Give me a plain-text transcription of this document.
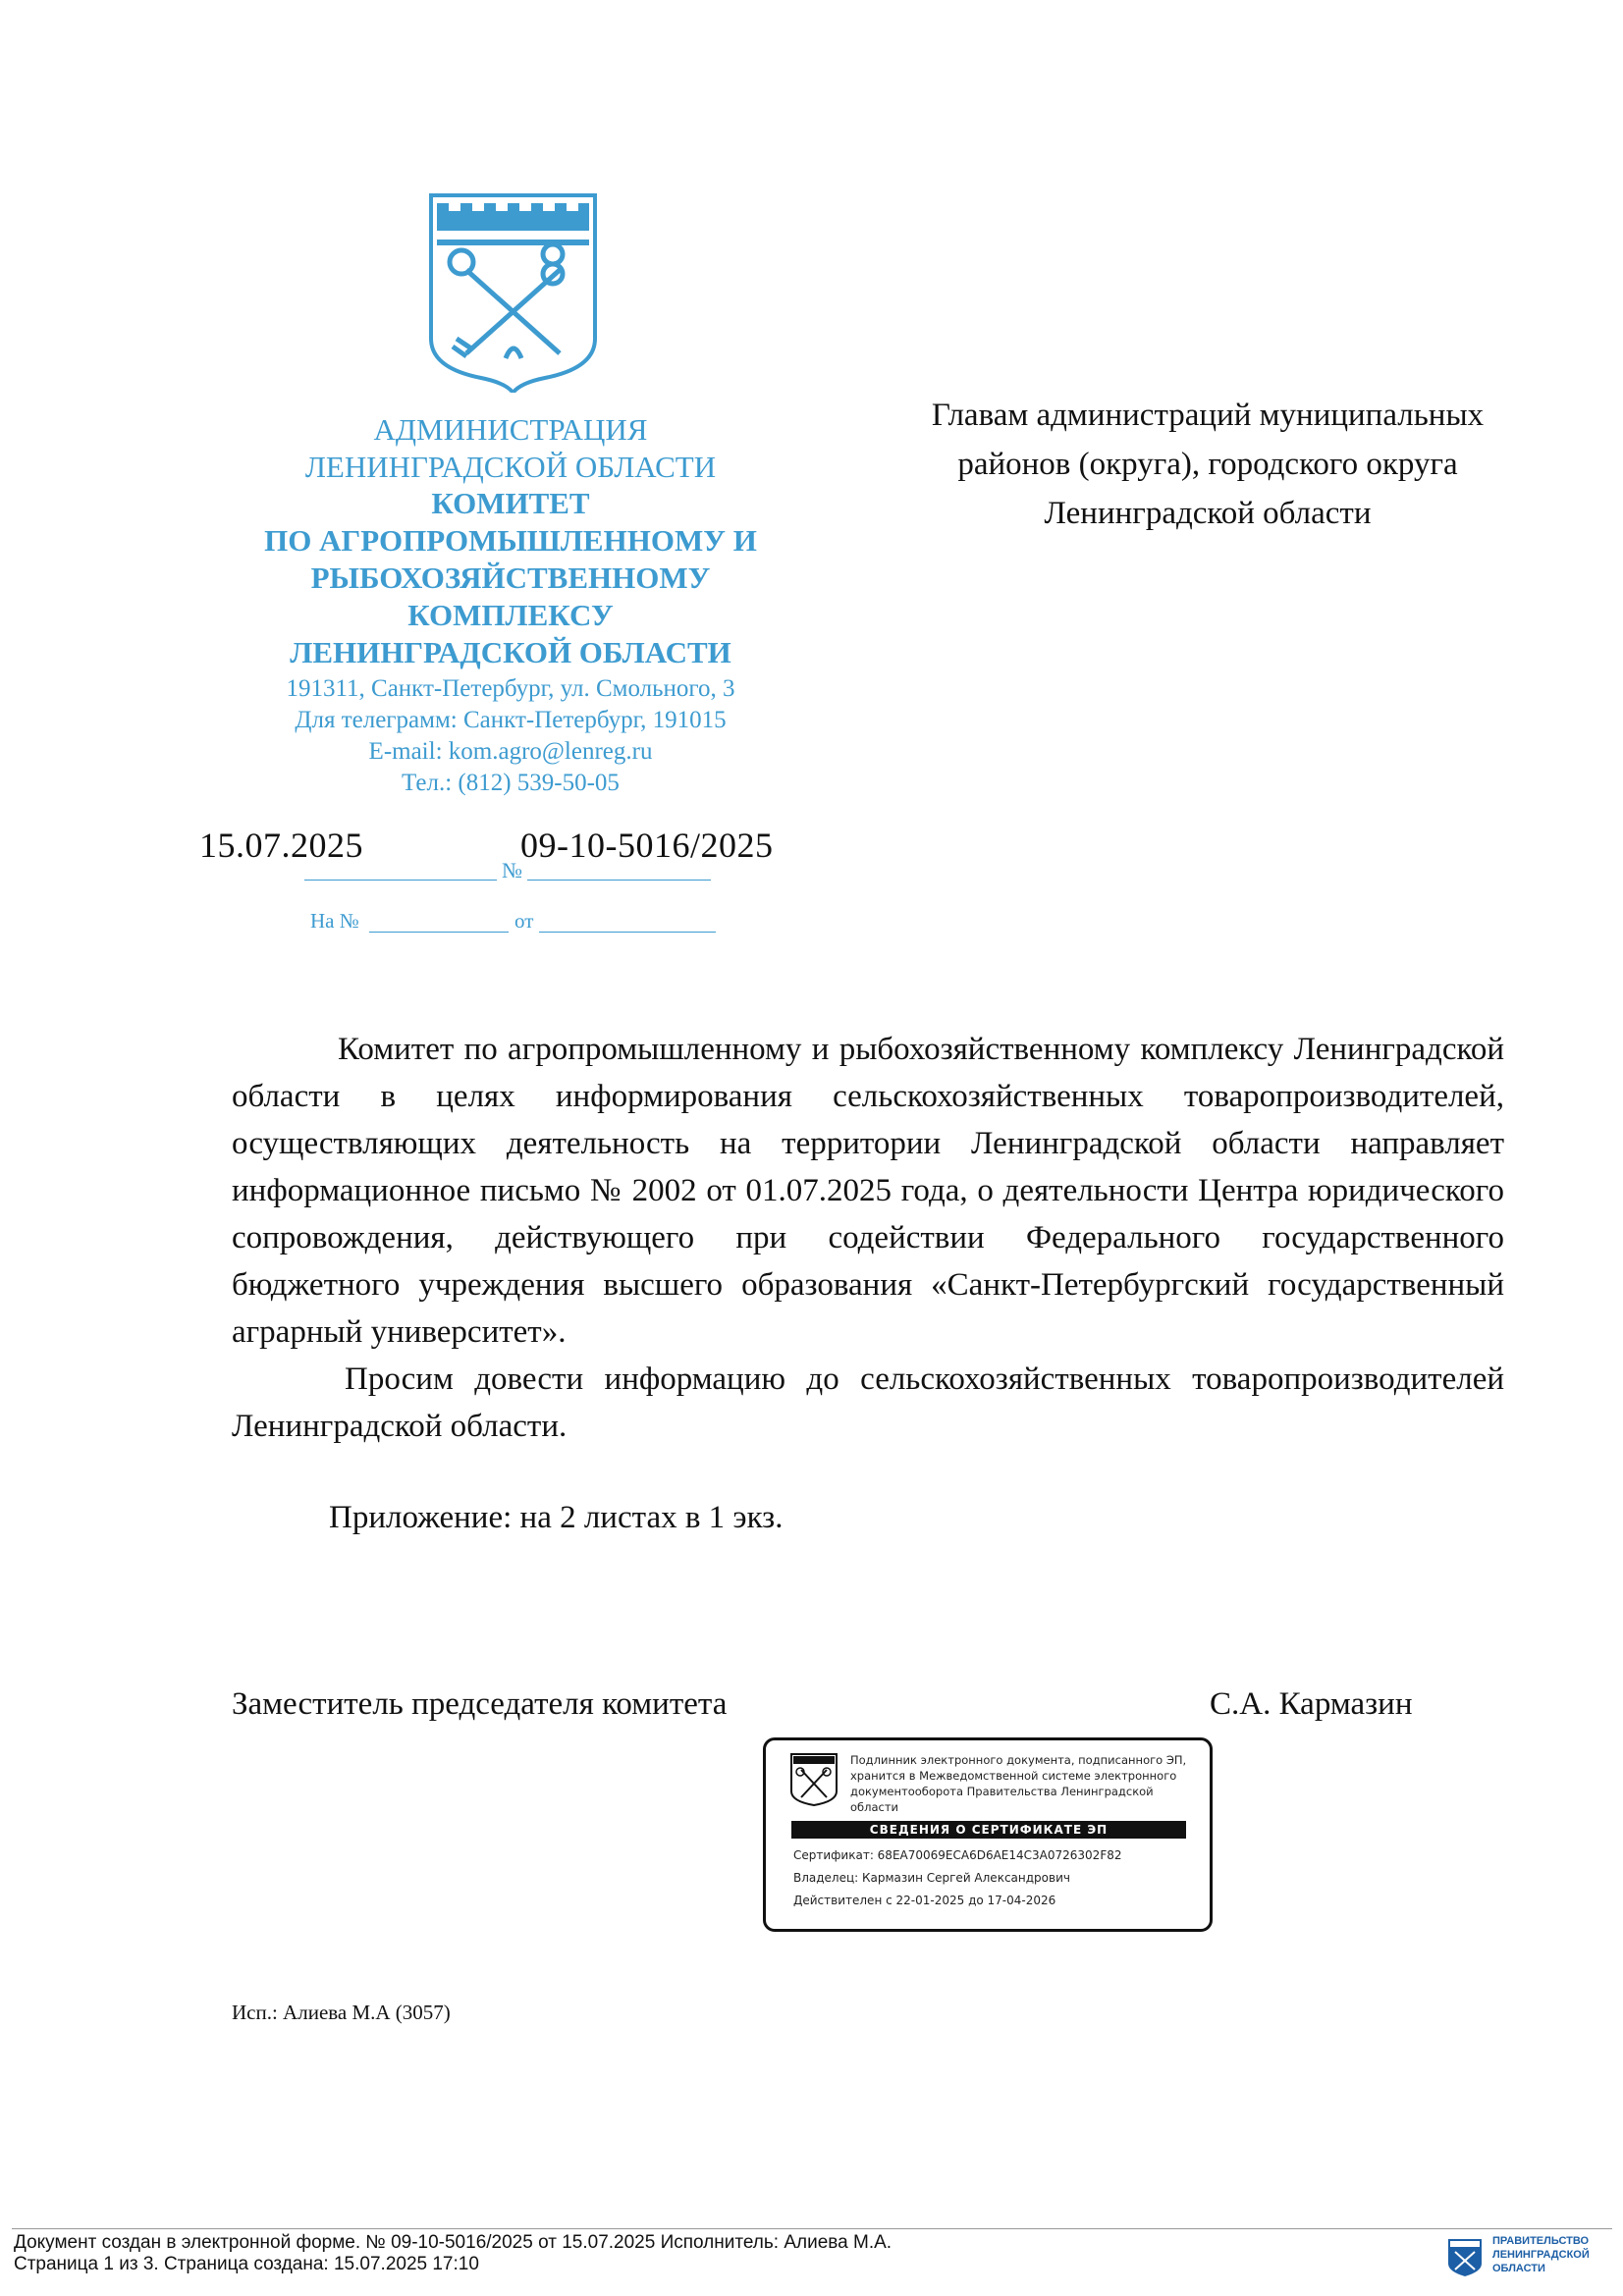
АДМИНИСТРАЦИЯ
ЛЕНИНГРАДСКОЙ ОБЛАСТИ
КОМИТЕТ
ПО АГРОПРОМЫШЛЕННОМУ И
РЫБОХОЗЯЙСТВЕННОМУ
КОМПЛЕКСУ
ЛЕНИНГРАДСКОЙ ОБЛАСТИ
191311, Санкт-Петербург, ул. Смольного, 3
Для телеграмм: Санкт-Петербург, 191015
E-mail: kom.agro@lenreg.ru
Тел.: (812) 539-50-05
Главам администраций муниципальных
районов (округа), городского округа
Ленинградской области
15.07.2025	09-10-5016/2025
№
На №	от

Комитет по агропромышленному и рыбохозяйственному комплексу Ленинградской области в целях информирования сельскохозяйственных товаропроизводителей, осуществляющих деятельность на территории Ленинградской области направляет информационное письмо № 2002 от 01.07.2025 года, о деятельности Центра юридического сопровождения, действующего при содействии Федерального государственного бюджетного учреждения высшего образования «Санкт-Петербургский государственный аграрный университет».

Просим довести информацию до сельскохозяйственных товаропроизводителей Ленинградской области.

Приложение: на 2 листах в 1 экз.
Заместитель председателя комитета	С.А. Кармазин
Подлинник электронного документа, подписанного ЭП, хранится в Межведомственной системе электронного документооборота Правительства Ленинградской области
СВЕДЕНИЯ О СЕРТИФИКАТЕ ЭП
Сертификат: 68EA70069ECA6D6AE14C3A0726302F82
Владелец: Кармазин Сергей Александрович
Действителен с 22-01-2025 до 17-04-2026
Исп.: Алиева М.А (3057)
Документ создан в электронной форме. № 09-10-5016/2025 от 15.07.2025 Исполнитель: Алиева М.А.
Страница 1 из 3. Страница создана: 15.07.2025 17:10
ПРАВИТЕЛЬСТВО
ЛЕНИНГРАДСКОЙ
ОБЛАСТИ
